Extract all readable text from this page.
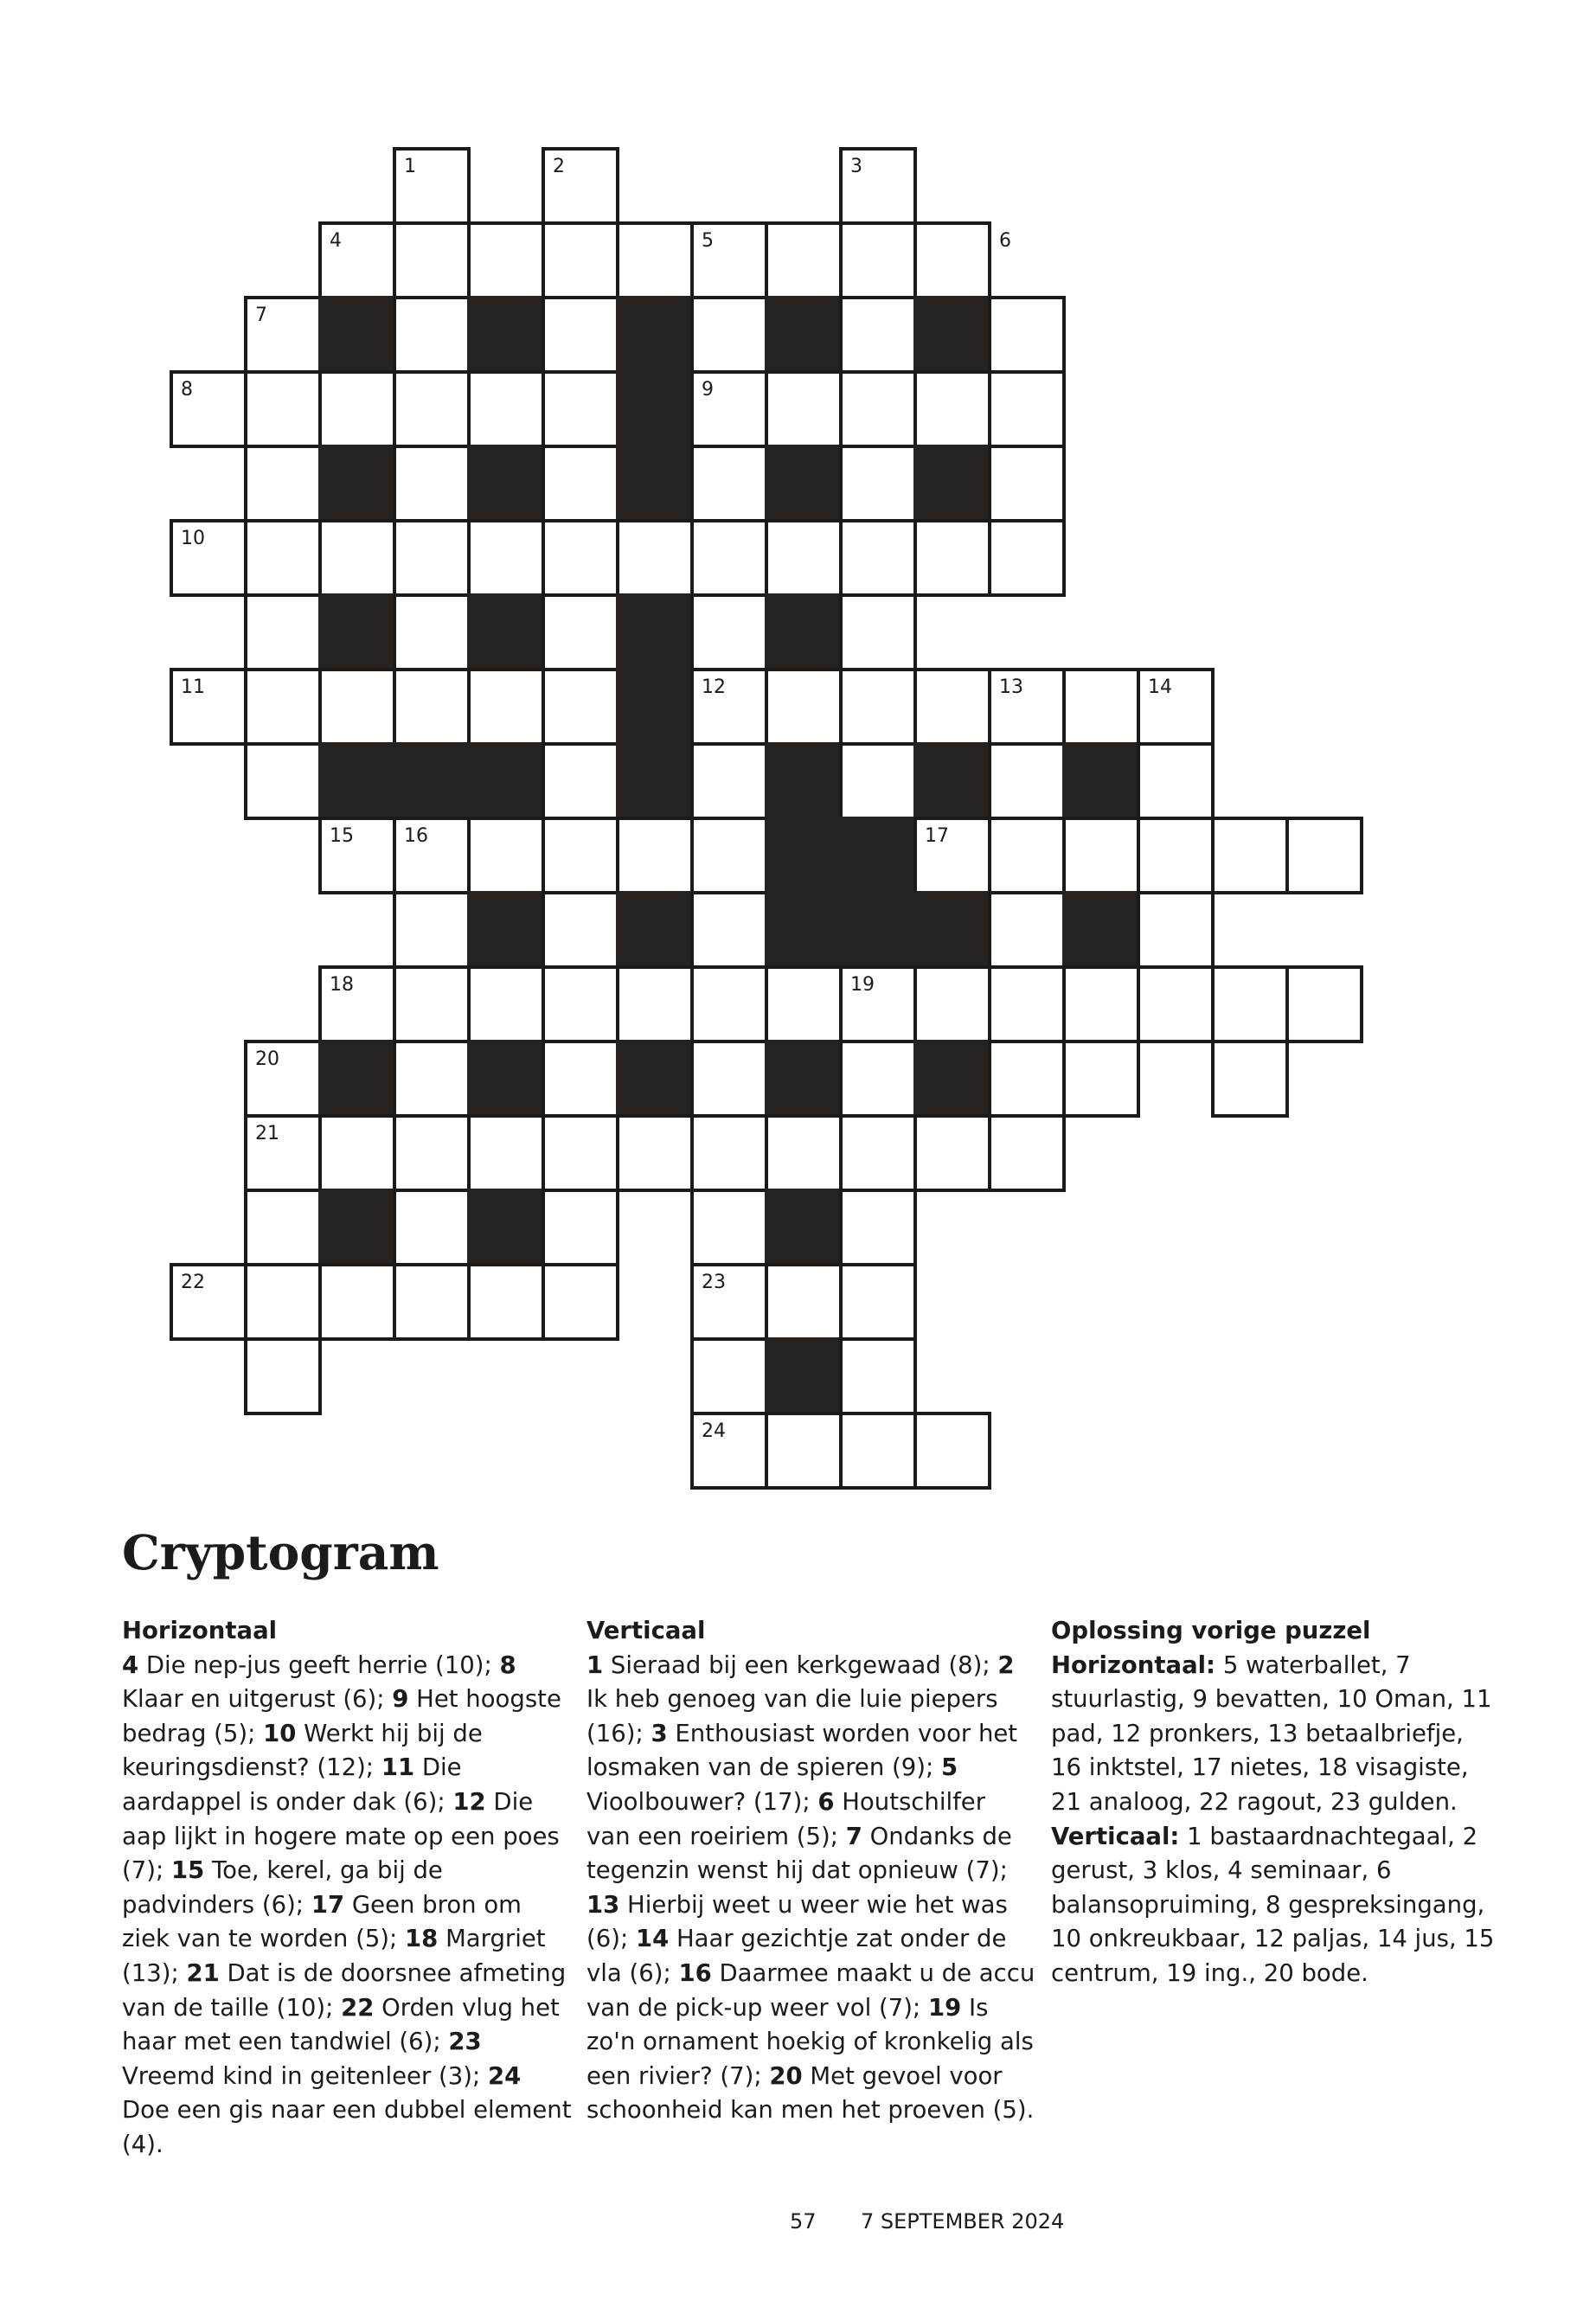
1	2	3
4	5	6
7
8	9
10
11	12	13	14
15	16	17
18	19
20
21
22	23
24
Cryptogram
Horizontaal

4 Die nep-jus geeft herrie (10); 8 Klaar en uitgerust (6); 9 Het hoogste bedrag (5); 10 Werkt hij bij de keuringsdienst? (12); 11 Die aardappel is onder dak (6); 12 Die aap lijkt in hogere mate op een poes (7); 15 Toe, kerel, ga bij de padvinders (6); 17 Geen bron om ziek van te worden (5); 18 Margriet (13); 21 Dat is de doorsnee afmeting van de taille (10); 22 Orden vlug het haar met een tandwiel (6); 23 Vreemd kind in geitenleer (3); 24 Doe een gis naar een dubbel element (4).

Verticaal

1 Sieraad bij een kerkgewaad (8); 2 Ik heb genoeg van die luie piepers (16); 3 Enthousiast worden voor het losmaken van de spieren (9); 5 Vioolbouwer? (17); 6 Houtschilfer van een roeiriem (5); 7 Ondanks de tegenzin wenst hij dat opnieuw (7); 13 Hierbij weet u weer wie het was (6); 14 Haar gezichtje zat onder de vla (6); 16 Daarmee maakt u de accu van de pick-up weer vol (7); 19 Is zo'n ornament hoekig of kronkelig als een rivier? (7); 20 Met gevoel voor schoonheid kan men het proeven (5).

Oplossing vorige puzzel

Horizontaal: 5 waterballet, 7 stuurlastig, 9 bevatten, 10 Oman, 11 pad, 12 pronkers, 13 betaalbriefje, 16 inktstel, 17 nietes, 18 visagiste, 21 analoog, 22 ragout, 23 gulden.

Verticaal: 1 bastaardnachtegaal, 2 gerust, 3 klos, 4 seminaar, 6 balansopruiming, 8 gespreksingang, 10 onkreukbaar, 12 paljas, 14 jus, 15 centrum, 19 ing., 20 bode.

57 7 SEPTEMBER 2024
